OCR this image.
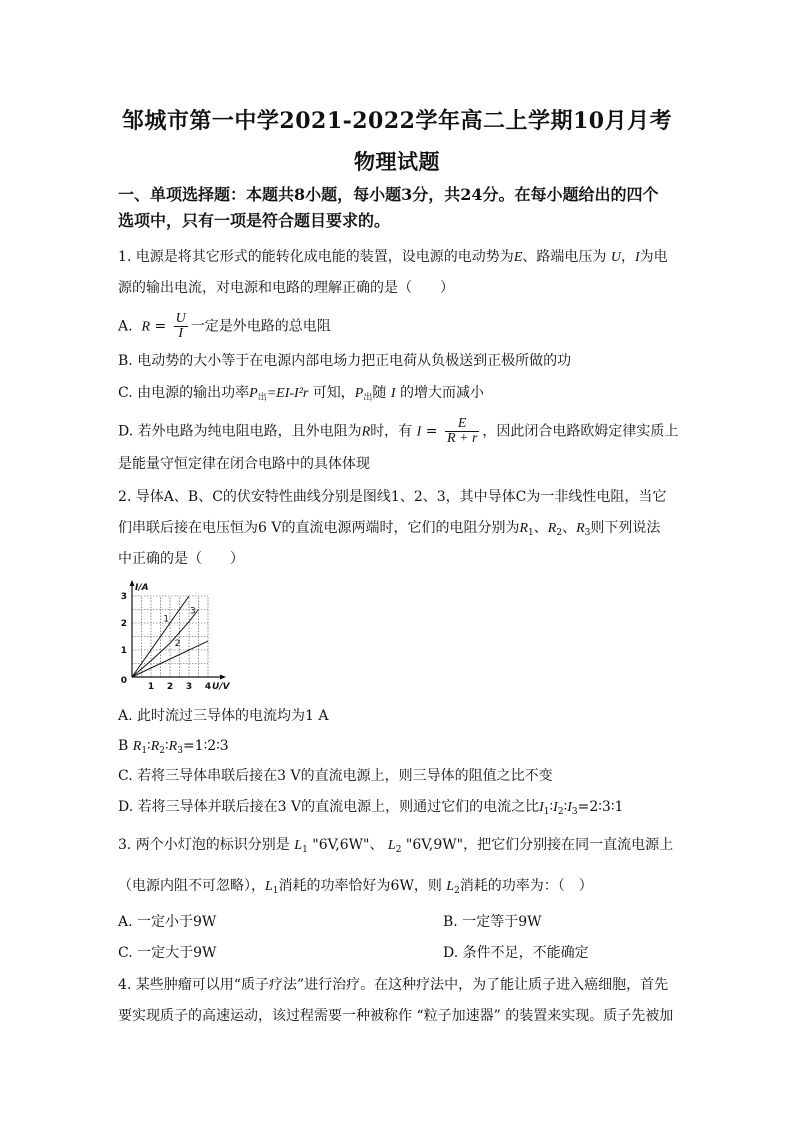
邹城市第一中学2021-2022学年高二上学期10月月考
物理试题
一、单项选择题：本题共8小题，每小题3分，共24分。在每小题给出的四个
选项中，只有一项是符合题目要求的。
1. 电源是将其它形式的能转化成电能的装置，设电源的电动势为E、路端电压为 U，I为电
源的输出电流，对电源和电路的理解正确的是（　　）
A. $R = \frac{U}{I}$ 一定是外电路的总电阻
B. 电动势的大小等于在电源内部电场力把正电荷从负极送到正极所做的功
C. 由电源的输出功率$P_出=EI$-I²r 可知，$P_出$随 I 的增大而减小
D. 若外电路为纯电阻电路，且外电阻为R时，有 $I = \frac{E}{R + r}$ ，因此闭合电路欧姆定律实质上
是能量守恒定律在闭合电路中的具体体现
2. 导体A、B、C的伏安特性曲线分别是图线1、2、3，其中导体C为一非线性电阻，当它
们串联后接在电压恒为6 V的直流电源两端时，它们的电阻分别为$R_1$、$R_2$、$R_3$则下列说法
中正确的是（　　）
1 2 3 4
1
2
3
0
U/V
I/A
1
2
3
A. 此时流过三导体的电流均为1 A
B $R_1∶R_2∶R_3=1∶2∶3$
C. 若将三导体串联后接在3 V的直流电源上，则三导体的阻值之比不变
D. 若将三导体并联后接在3 V的直流电源上，则通过它们的电流之比$I_1∶I_2∶I_3=2∶3∶1$
3. 两个小灯泡的标识分别是 $L_1$ "6V,6W"、 $L_2$ "6V,9W"，把它们分别接在同一直流电源上
（电源内阻不可忽略），$L_1$消耗的功率恰好为6W，则 $L_2$消耗的功率为：（　）
A. 一定小于9W	B. 一定等于9W
C. 一定大于9W	D. 条件不足，不能确定
4. 某些肿瘤可以用“质子疗法”进行治疗。在这种疗法中，为了能让质子进入癌细胞，首先
要实现质子的高速运动，该过程需要一种被称作 “粒子加速器” 的装置来实现。质子先被加
